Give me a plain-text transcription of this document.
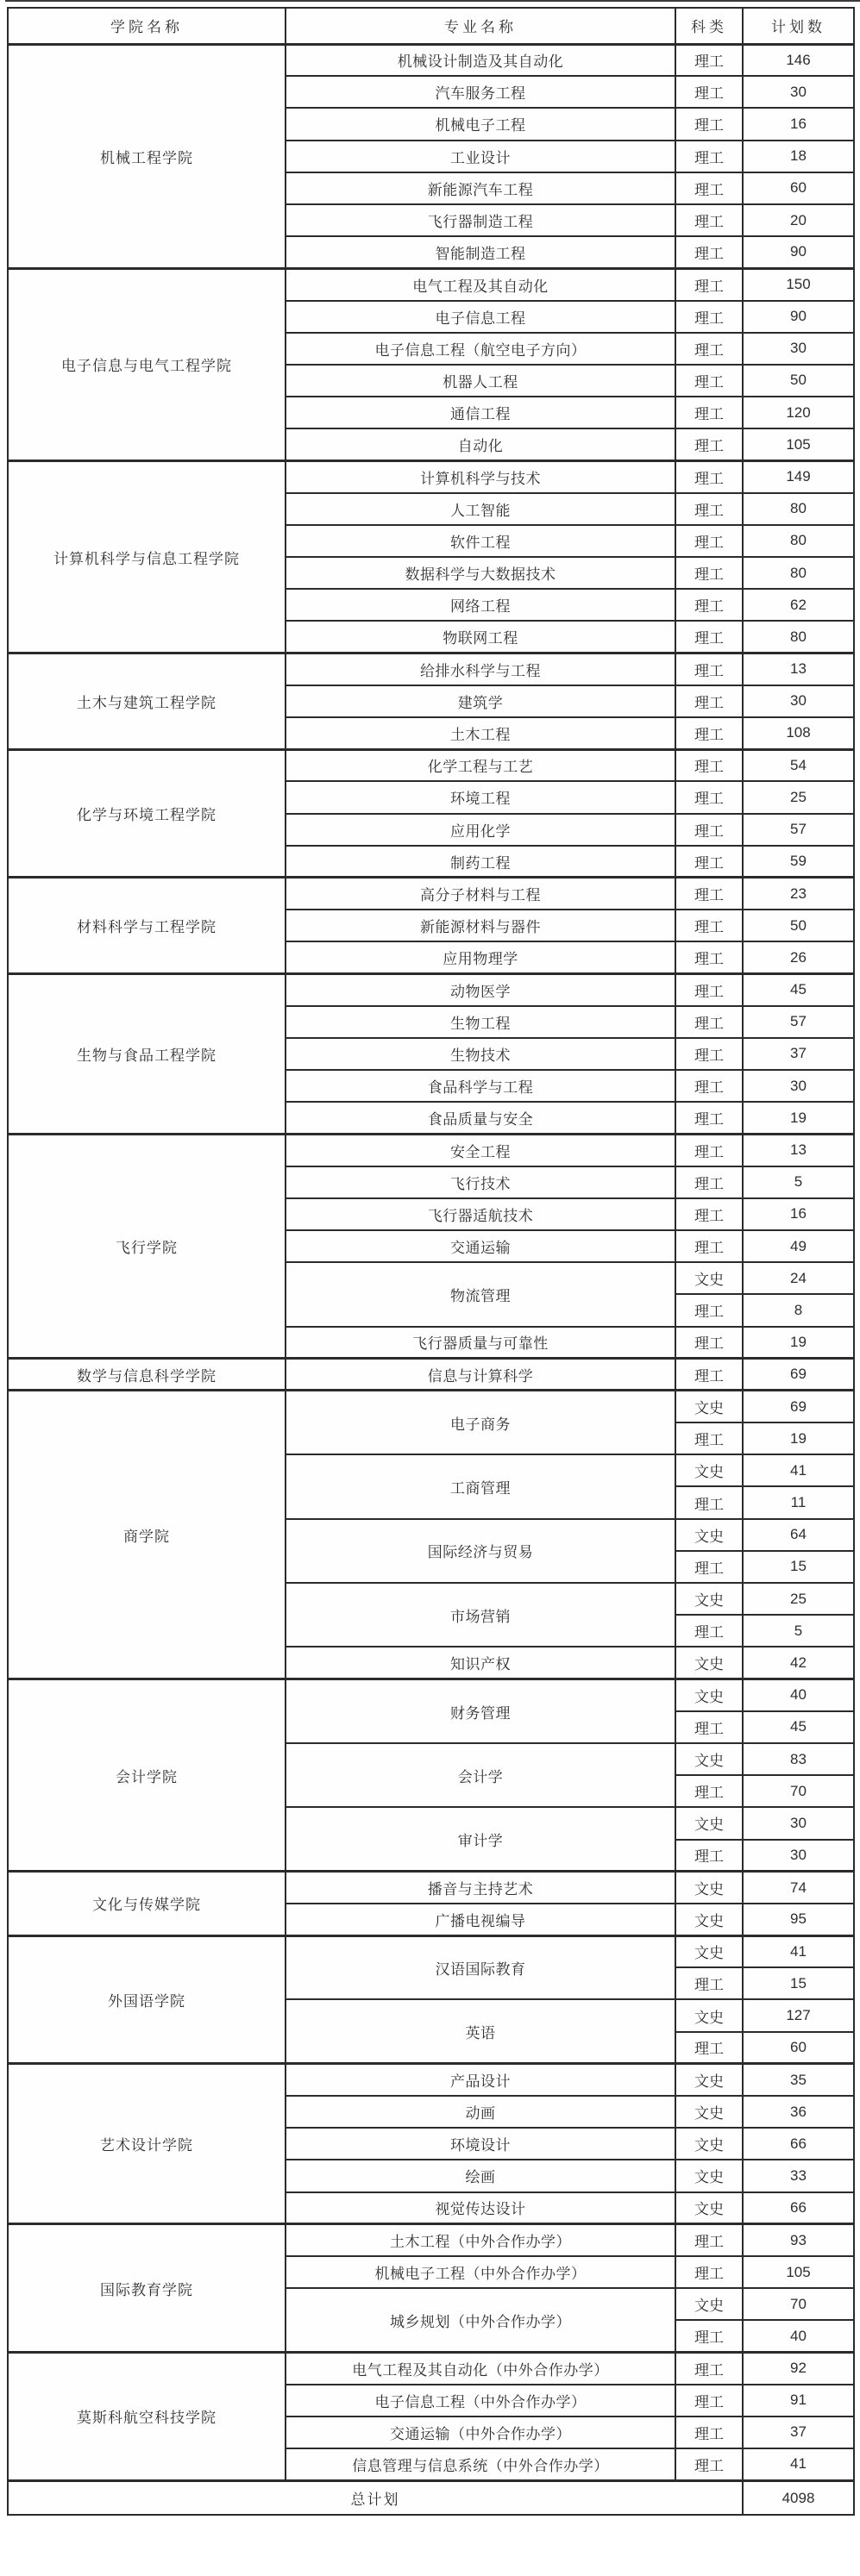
学院名称	专业名称	科类	计划数
机械工程学院	机械设计制造及其自动化	理工	146
	汽车服务工程	理工	30
	机械电子工程	理工	16
	工业设计	理工	18
	新能源汽车工程	理工	60
	飞行器制造工程	理工	20
	智能制造工程	理工	90
电子信息与电气工程学院	电气工程及其自动化	理工	150
	电子信息工程	理工	90
	电子信息工程（航空电子方向）	理工	30
	机器人工程	理工	50
	通信工程	理工	120
	自动化	理工	105
计算机科学与信息工程学院	计算机科学与技术	理工	149
	人工智能	理工	80
	软件工程	理工	80
	数据科学与大数据技术	理工	80
	网络工程	理工	62
	物联网工程	理工	80
土木与建筑工程学院	给排水科学与工程	理工	13
	建筑学	理工	30
	土木工程	理工	108
化学与环境工程学院	化学工程与工艺	理工	54
	环境工程	理工	25
	应用化学	理工	57
	制药工程	理工	59
材料科学与工程学院	高分子材料与工程	理工	23
	新能源材料与器件	理工	50
	应用物理学	理工	26
生物与食品工程学院	动物医学	理工	45
	生物工程	理工	57
	生物技术	理工	37
	食品科学与工程	理工	30
	食品质量与安全	理工	19
飞行学院	安全工程	理工	13
	飞行技术	理工	5
	飞行器适航技术	理工	16
	交通运输	理工	49
	物流管理	文史	24
		理工	8
	飞行器质量与可靠性	理工	19
数学与信息科学学院	信息与计算科学	理工	69
商学院	电子商务	文史	69
		理工	19
	工商管理	文史	41
		理工	11
	国际经济与贸易	文史	64
		理工	15
	市场营销	文史	25
		理工	5
	知识产权	文史	42
会计学院	财务管理	文史	40
		理工	45
	会计学	文史	83
		理工	70
	审计学	文史	30
		理工	30
文化与传媒学院	播音与主持艺术	文史	74
	广播电视编导	文史	95
外国语学院	汉语国际教育	文史	41
		理工	15
	英语	文史	127
		理工	60
艺术设计学院	产品设计	文史	35
	动画	文史	36
	环境设计	文史	66
	绘画	文史	33
	视觉传达设计	文史	66
国际教育学院	土木工程（中外合作办学）	理工	93
	机械电子工程（中外合作办学）	理工	105
	城乡规划（中外合作办学）	文史	70
		理工	40
莫斯科航空科技学院	电气工程及其自动化（中外合作办学）	理工	92
	电子信息工程（中外合作办学）	理工	91
	交通运输（中外合作办学）	理工	37
	信息管理与信息系统（中外合作办学）	理工	41
总计划			4098
